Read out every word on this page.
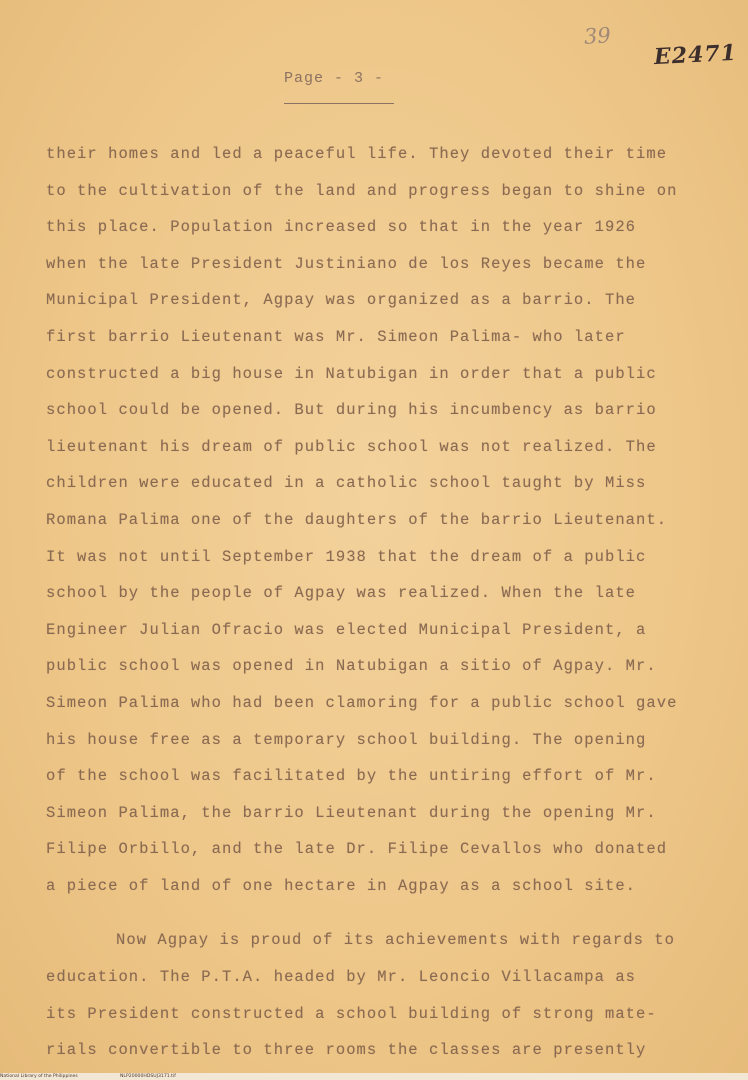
39
E2471
Page - 3 -
their homes and led a peaceful life. They devoted their time
to the cultivation of the land and progress began to shine on
this place. Population increased so that in the year 1926
when the late President Justiniano de los Reyes became the
Municipal President, Agpay was organized as a barrio. The
first barrio Lieutenant was Mr. Simeon Palima- who later
constructed a big house in Natubigan in order that a public
school could be opened. But during his incumbency as barrio
lieutenant his dream of public school was not realized. The
children were educated in a catholic school taught by Miss
Romana Palima one of the daughters of the barrio Lieutenant.
It was not until September 1938 that the dream of a public
school by the people of Agpay was realized. When the late
Engineer Julian Ofracio was elected Municipal President, a
public school was opened in Natubigan a sitio of Agpay. Mr.
Simeon Palima who had been clamoring for a public school gave
his house free as a temporary school building. The opening
of the school was facilitated by the untiring effort of Mr.
Simeon Palima, the barrio Lieutenant during the opening Mr.
Filipe Orbillo, and the late Dr. Filipe Cevallos who donated
a piece of land of one hectare in Agpay as a school site.
Now Agpay is proud of its achievements with regards to
education. The P.T.A. headed by Mr. Leoncio Villacampa as
its President constructed a school building of strong mate-
rials convertible to three rooms the classes are presently
National Library of the Philippines	NLP20000HDSUJ3171.tif
